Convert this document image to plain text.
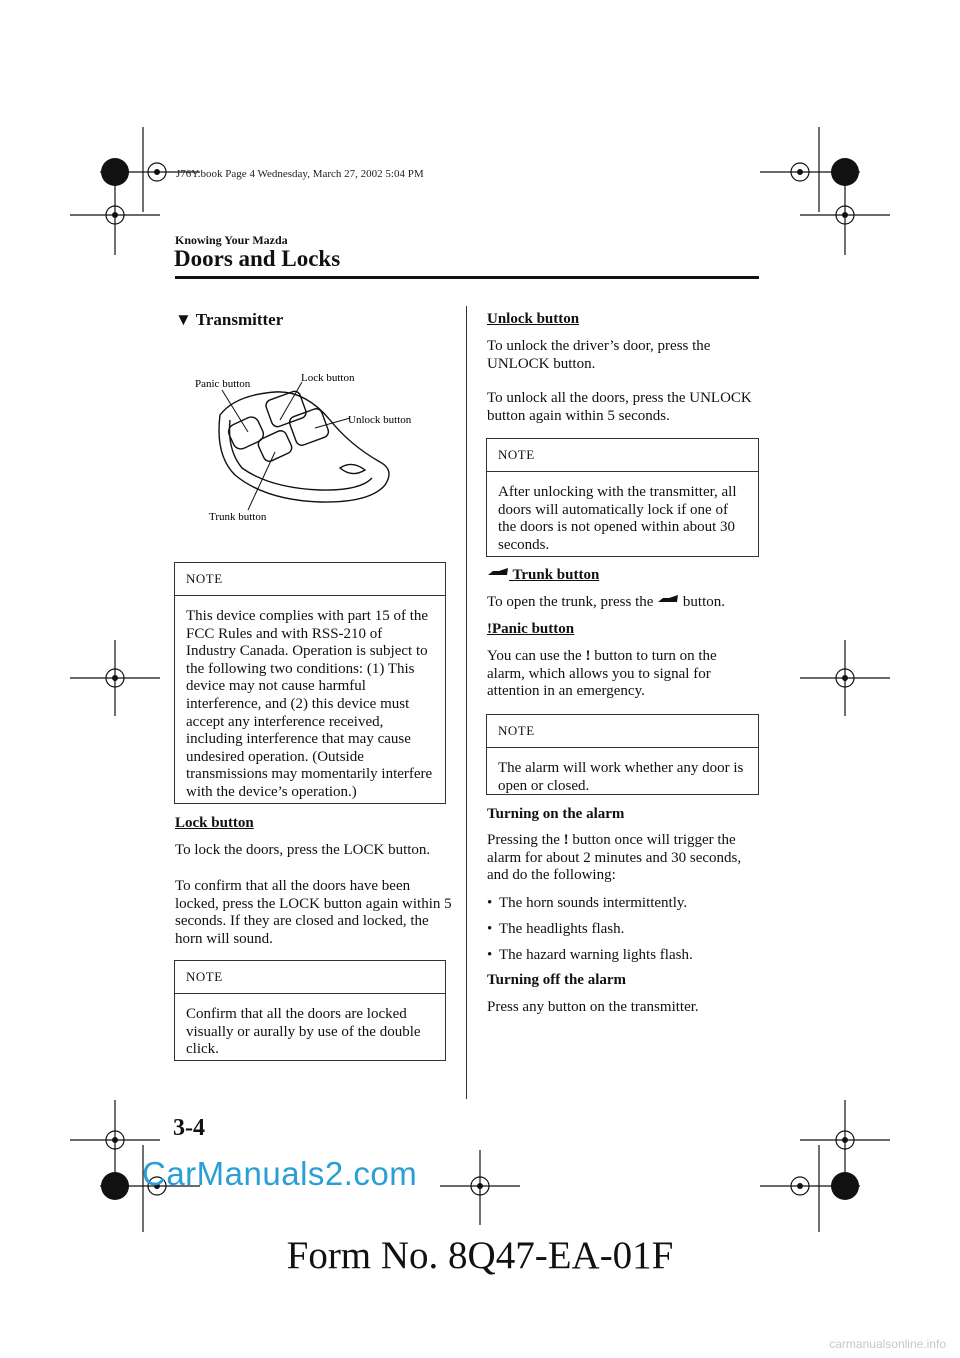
J76Y.book Page 4 Wednesday, March 27, 2002 5:04 PM
Knowing Your Mazda
Doors and Locks
▼ Transmitter
Panic button	Lock button
Unlock button
Trunk button
NOTE
This device complies with part 15 of the FCC Rules and with RSS-210 of Industry Canada. Operation is subject to the following two conditions: (1) This device may not cause harmful interference, and (2) this device must accept any interference received, including interference that may cause undesired operation. (Outside transmissions may momentarily interfere with the device’s operation.)
Lock button

To lock the doors, press the LOCK button.

To confirm that all the doors have been locked, press the LOCK button again within 5 seconds. If they are closed and locked, the horn will sound.

NOTE
Confirm that all the doors are locked visually or aurally by use of the double click.
Unlock button

To unlock the driver’s door, press the UNLOCK button.

To unlock all the doors, press the UNLOCK button again within 5 seconds.

NOTE
After unlocking with the transmitter, all doors will automatically lock if one of the doors is not opened within about 30 seconds.
Trunk button

To open the trunk, press the button.

!Panic button

You can use the ! button to turn on the alarm, which allows you to signal for attention in an emergency.

NOTE
The alarm will work whether any door is open or closed.
Turning on the alarm

Pressing the ! button once will trigger the alarm for about 2 minutes and 30 seconds, and do the following:

• The horn sounds intermittently.
• The headlights flash.
• The hazard warning lights flash.
Turning off the alarm

Press any button on the transmitter.

3-4
CarManuals2.com
Form No. 8Q47-EA-01F
carmanualsonline.info
